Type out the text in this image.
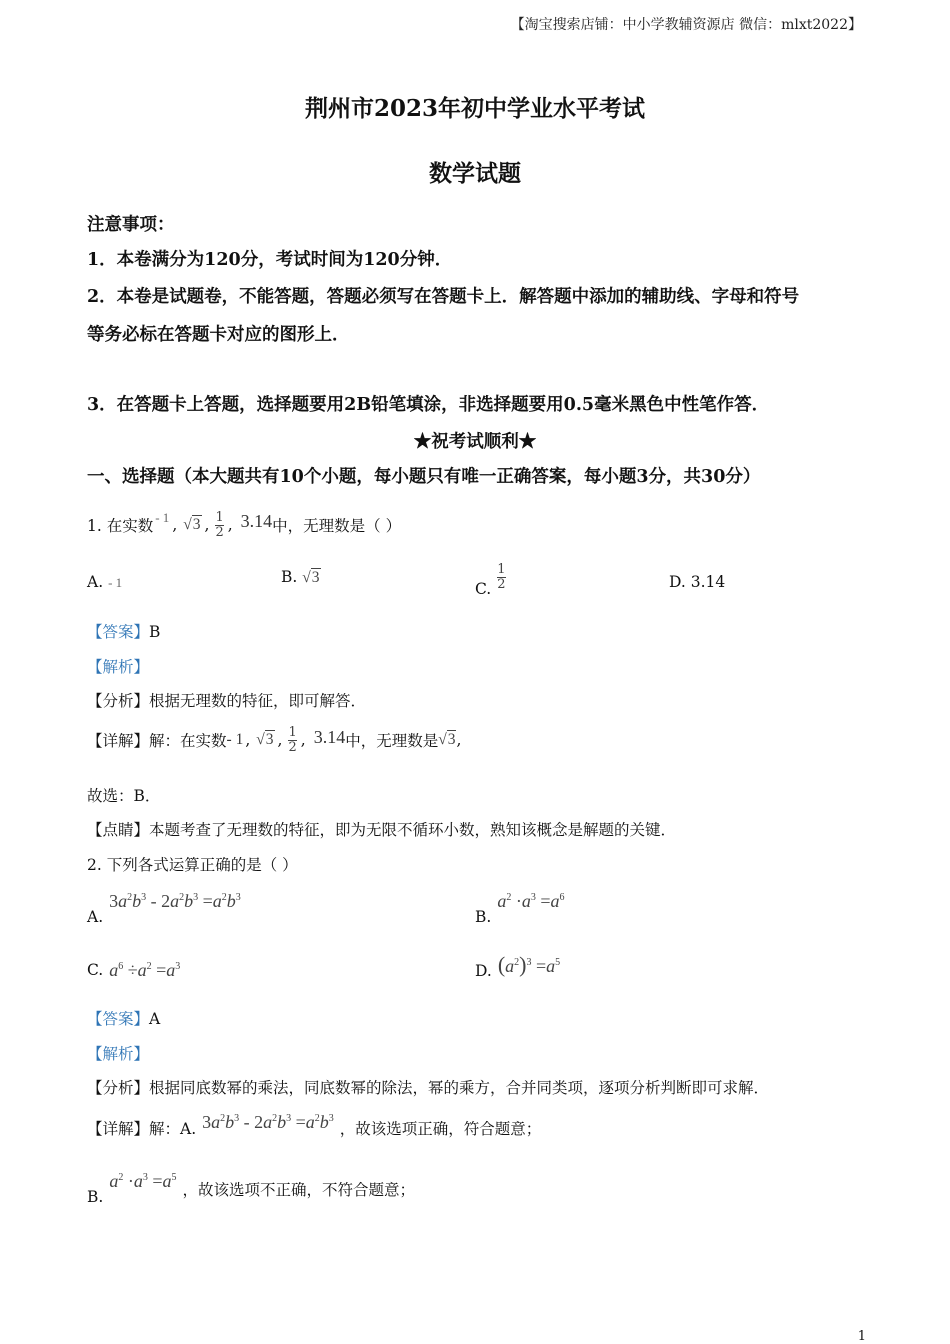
【淘宝搜索店铺：中小学教辅资源店 微信：mlxt2022】
荆州市2023年初中学业水平考试
数学试题
注意事项：
1．本卷满分为120分，考试时间为120分钟．
2．本卷是试题卷，不能答题，答题必须写在答题卡上．解答题中添加的辅助线、字母和符号
等务必标在答题卡对应的图形上．
3．在答题卡上答题，选择题要用2B铅笔填涂，非选择题要用0.5毫米黑色中性笔作答．
★祝考试顺利★
一、选择题（本大题共有10个小题，每小题只有唯一正确答案，每小题3分，共30分）
1. 在实数 - 1 , √3 , $\frac{1}{2}$ , 3.14 中，无理数是（ ）
A. - 1	B. √3
C. $\frac{1}{2}$	D. 3.14
【答案】B
【解析】
【分析】根据无理数的特征，即可解答．
【详解】 解：在实数 - 1 , √3 , $\frac{1}{2}$ , 3.14 中，无理数是 √3 ,
故选：B．
【点睛】本题考查了无理数的特征，即为无限不循环小数，熟知该概念是解题的关键．
2. 下列各式运算正确的是（ ）
A.
$3a^2b^3 - 2a^2b^3 =a^2b^3$
B.
$a^2 \cdot a^3 =a^6$
C. $a^6 \div a^2 =a^3$	D. $(a^2)^3 =a^5$
【答案】A
【解析】
【分析】根据同底数幂的乘法，同底数幂的除法，幂的乘方，合并同类项，逐项分析判断即可求解．
【详解】 解：A. $3a^2b^3 - 2a^2b^3 =a^2b^3$
，故该选项正确，符合题意；
B.
$a^2 \cdot a^3 =a^5$
，故该选项不正确，不符合题意；
1
